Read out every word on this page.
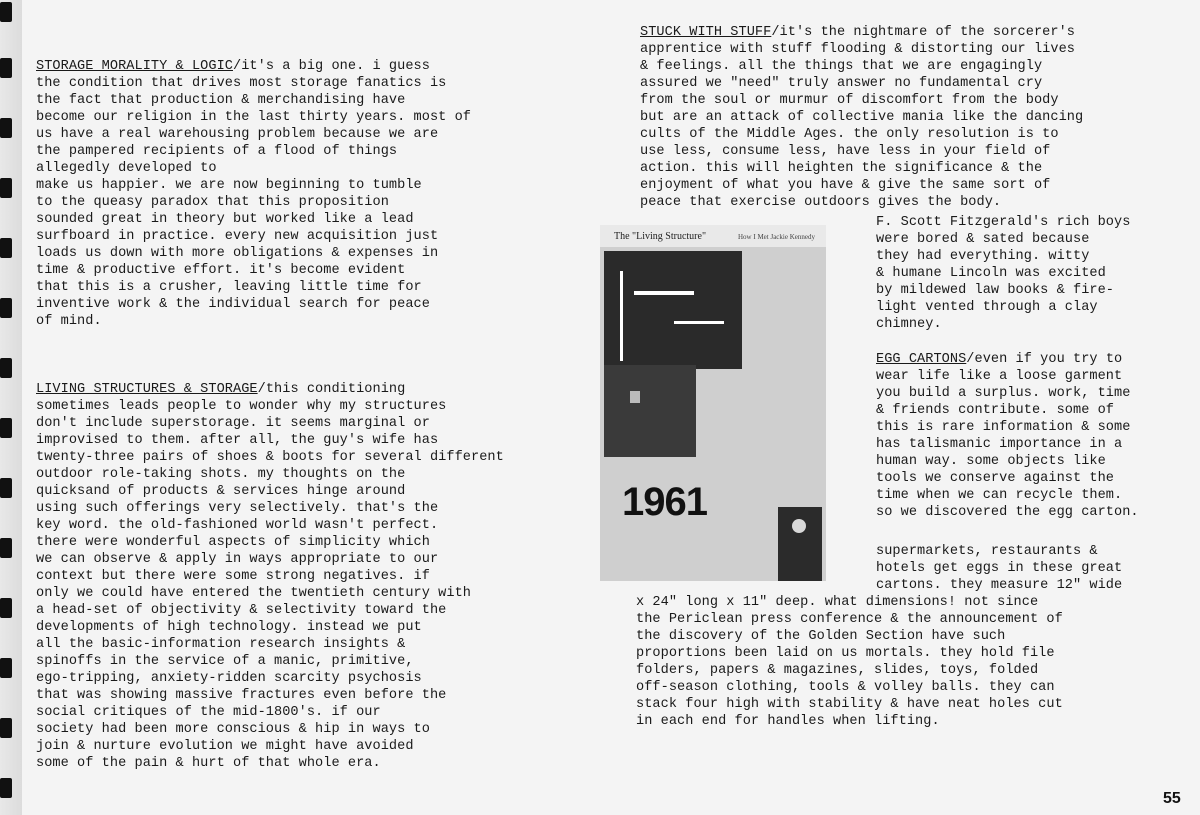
STORAGE MORALITY & LOGIC/it's a big one. i guess
the condition that drives most storage fanatics is
the fact that production & merchandising have
become our religion in the last thirty years. most of
us have a real warehousing problem because we are
the pampered recipients of a flood of things
allegedly developed to
make us happier. we are now beginning to tumble
to the queasy paradox that this proposition
sounded great in theory but worked like a lead
surfboard in practice. every new acquisition just
loads us down with more obligations & expenses in
time & productive effort. it's become evident
that this is a crusher, leaving little time for
inventive work & the individual search for peace
of mind.

LIVING STRUCTURES & STORAGE/this conditioning
sometimes leads people to wonder why my structures
don't include superstorage. it seems marginal or
improvised to them. after all, the guy's wife has
twenty-three pairs of shoes & boots for several different
outdoor role-taking shots. my thoughts on the
quicksand of products & services hinge around
using such offerings very selectively. that's the
key word. the old-fashioned world wasn't perfect.
there were wonderful aspects of simplicity which
we can observe & apply in ways appropriate to our
context but there were some strong negatives. if
only we could have entered the twentieth century with
a head-set of objectivity & selectivity toward the
developments of high technology. instead we put
all the basic-information research insights &
spinoffs in the service of a manic, primitive,
ego-tripping, anxiety-ridden scarcity psychosis
that was showing massive fractures even before the
social critiques of the mid-1800's. if our
society had been more conscious & hip in ways to
join & nurture evolution we might have avoided
some of the pain & hurt of that whole era.

STUCK WITH STUFF/it's the nightmare of the sorcerer's
apprentice with stuff flooding & distorting our lives
& feelings. all the things that we are engagingly
assured we "need" truly answer no fundamental cry
from the soul or murmur of discomfort from the body
but are an attack of collective mania like the dancing
cults of the Middle Ages. the only resolution is to
use less, consume less, have less in your field of
action. this will heighten the significance & the
enjoyment of what you have & give the same sort of
peace that exercise outdoors gives the body.
The "Living Structure"	How I Met Jackie Kennedy
1961
F. Scott Fitzgerald's rich boys
were bored & sated because
they had everything. witty
& humane Lincoln was excited
by mildewed law books & fire-
light vented through a clay
chimney.
EGG CARTONS/even if you try to
wear life like a loose garment
you build a surplus. work, time
& friends contribute. some of
this is rare information & some
has talismanic importance in a
human way. some objects like
tools we conserve against the
time when we can recycle them.
so we discovered the egg carton.
supermarkets, restaurants &
hotels get eggs in these great
cartons. they measure 12" wide
x 24" long x 11" deep. what dimensions! not since
the Periclean press conference & the announcement of
the discovery of the Golden Section have such
proportions been laid on us mortals. they hold file
folders, papers & magazines, slides, toys, folded
off-season clothing, tools & volley balls. they can
stack four high with stability & have neat holes cut
in each end for handles when lifting.
55
